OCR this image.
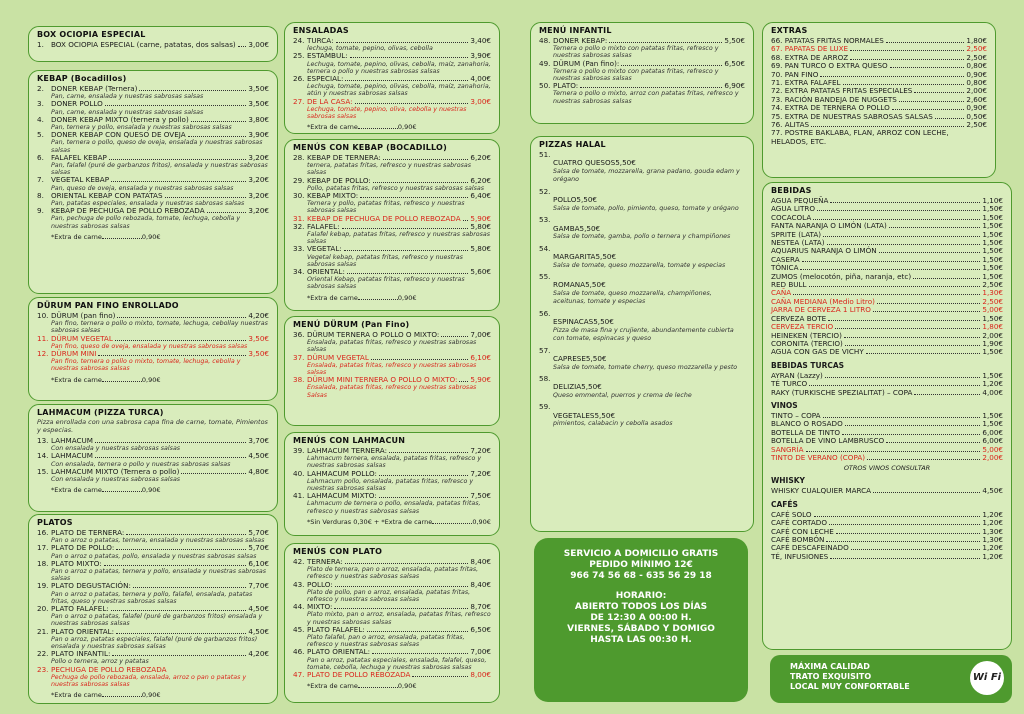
BOX OCIOPIA ESPECIAL
1. BOX OCIOPIA ESPECIAL (carne, patatas, dos salsas) 3,00€
KEBAP (Bocadillos)
2. DONER KEBAP (Ternera)	3,50€
Pan, carne, ensalada y nuestras sabrosas salsas
3. DONER POLLO	3,50€
Pan, carne, ensalada y nuestras sabrosas salsas
4. DONER KEBAP MIXTO (ternera y pollo)	3,80€
Pan, ternera y pollo, ensalada y nuestras sabrosas salsas
5. DONER KEBAP CON QUESO DE OVEJA	3,90€
Pan, ternera o pollo, queso de oveja, ensalada y nuestras sabrosas salsas
6. FALAFEL KEBAP	3,20€
Pan, falafel (puré de garbanzos fritos), ensalada y nuestras sabrosas salsas
7. VEGETAL KEBAP	3,20€
Pan, queso de oveja, ensalada y nuestras sabrosas salsas
8. ORIENTAL KEBAP CON PATATAS	3,20€
Pan, patatas especiales, ensalada y nuestras sabrosas salsas
9. KEBAP DE PECHUGA DE POLLO REBOZADA	3,20€
Pan, pechuga de pollo rebozada, tomate, lechuga, cebolla y nuestras sabrosas salsas
*Extra de carne	0,90€
DÜRUM PAN FINO ENROLLADO
10. DÜRUM (pan fino)	4,20€
Pan fino, ternera o pollo o mixto, tomate, lechuga, cebollay nuestras sabrosas salsas
11. DÜRUM VEGETAL	3,50€
Pan fino, queso de oveja, ensalada y nuestras sabrosas salsas
12. DÜRUM MINI	3,50€
Pan fino, ternera o pollo o mixto, tomate, lechuga, cebolla y nuestras sabrosas salsas
*Extra de carne	0,90€
LAHMACUM (PIZZA TURCA)
Pizza enrollada con una sabrosa capa fina de carne, tomate, Pimientos y especias.
13. LAHMACUM	3,70€
Con ensalada y nuestras sabrosas salsas
14. LAHMACUM	4,50€
Con ensalada, ternera o pollo y nuestras sabrosas salsas
15. LAHMACUM MIXTO (Ternera o pollo)	4,80€
Con ensalada y nuestras sabrosas salsas
*Extra de carne	0,90€
PLATOS
16. PLATO DE TERNERA:	5,70€
Pan o arroz o patatas, ternera, ensalada y nuestras sabrosas salsas
17. PLATO DE POLLO:	5,70€
Pan o arroz o patatas, pollo, ensalada y nuestras sabrosas salsas
18. PLATO MIXTO:	6,10€
Pan o arroz o patatas, ternera y pollo, ensalada y nuestras sabrosas salsas
19. PLATO DEGUSTACIÓN:	7,70€
Pan o arroz o patatas, ternera y pollo, falafel, ensalada, patatas fritas, queso y nuestras sabrosas salsas
20. PLATO FALAFEL:	4,50€
Pan o arroz o patatas, falafel (puré de garbanzos fritos) ensalada y nuestras sabrosas salsas
21. PLATO ORIENTAL:	4,50€
Pan o arroz, patatas especiales, falafel (puré de garbanzos fritos) ensalada y nuestras sabrosas salsas
22. PLATO INFANTIL:	4,20€
Pollo o ternera, arroz y patatas
23. PECHUGA DE POLLO REBOZADA
Pechuga de pollo rebozada, ensalada, arroz o pan o patatas y nuestras sabrosas salsas
*Extra de carne	0,90€
ENSALADAS
24. TURCA:	3,40€
lechuga, tomate, pepino, olivas, cebolla
25. ESTAMBUL:	3,90€
Lechuga, tomate, pepino, olivas, cebolla, maíz, zanahoria, ternera o pollo y nuestras sabrosas salsas
26. ESPECIAL:	4,00€
Lechuga, tomate, pepino, olivas, cebolla, maíz, zanahoria, atún y nuestras sabrosas salsas
27. DE LA CASA:	3,00€
Lechuga, tomate, pepino, oliva, cebolla y nuestras sabrosas salsas
*Extra de carne	0,90€
MENÚS CON KEBAP (BOCADILLO)
28. KEBAP DE TERNERA:	6,20€
ternera, patatas fritas, refresco y nuestras sabrosas salsas
29. KEBAP DE POLLO:	6,20€
Pollo, patatas fritas, refresco y nuestras sabrosas salsas
30. KEBAP MIXTO:	6,40€
Ternera y pollo, patatas fritas, refresco y nuestras sabrosas salsas
31. KEBAP DE PECHUGA DE POLLO REBOZADA 5,90€
32. FALAFEL:	5,80€
Falafel kebap, patatas fritas, refresco y nuestras sabrosas salsas
33. VEGETAL:	5,80€
Vegetal kebap, patatas fritas, refresco y nuestras sabrosas salsas
34. ORIENTAL:	5,60€
Oriental Kebap, patatas fritas, refresco y nuestras sabrosas salsas
*Extra de carne	0,90€
MENÚ DÜRUM (Pan Fino)
36. DÜRUM TERNERA O POLLO O MIXTO:	7,00€
Ensalada, patatas fritas, refresco y nuestras sabrosas salsas
37. DÜRUM VEGETAL	6,10€
Ensalada, patatas fritas, refresco y nuestras sabrosas salsas
38. DÜRUM MINI TERNERA O POLLO O MIXTO: 5,90€
Ensalada, patatas fritas, refresco y nuestras sabrosas Salsas
MENÚS CON LAHMACUN
39. LAHMACUM TERNERA:	7,20€
Lahmacum ternera, ensalada, patatas fritas, refresco y nuestras sabrosas salsas
40. LAHMACUM POLLO:	7,20€
Lahmacum pollo, ensalada, patatas fritas, refresco y nuestras sabrosas salsas
41. LAHMACUM MIXTO:	7,50€
Lahmacum de ternera o pollo, ensalada, patatas fritas, refresco y nuestras sabrosas salsas
*Sin Verduras 0,30€ + *Extra de carne	0,90€
MENÚS CON PLATO
42. TERNERA:	8,40€
Plato de ternera, pan o arroz, ensalada, patatas fritas, refresco y nuestras sabrosas salsas
43. POLLO:	8,40€
Plato de pollo, pan o arroz, ensalada, patatas fritas, refresco y nuestras sabrosas salsas
44. MIXTO:	8,70€
Plato mixto, pan o arroz, ensalada, patatas fritas, refresco y nuestras sabrosas salsas
45. PLATO FALAFEL:	6,50€
Plato falafel, pan o arroz, ensalada, patatas fritas, refresco y nuestras sabrosas salsas
46. PLATO ORIENTAL:	7,00€
Pan o arroz, patatas especiales, ensalada, falafel, queso, tomate, cebolla, lechuga y nuestras sabrosas salsas
47. PLATO DE POLLO REBOZADA	8,00€
*Extra de carne	0,90€
MENÚ INFANTIL
48. DONER KEBAP:	5,50€
Ternera o pollo o mixto con patatas fritas, refresco y nuestras sabrosas salsas
49. DÜRUM (Pan fino):	6,50€
Ternera o pollo o mixto con patatas fritas, refresco y nuestras sabrosas salsas
50. PLATO:	6,90€
Ternera o pollo o mixto, arroz con patatas fritas, refresco y nuestras sabrosas salsas
PIZZAS HALAL
51.
CUATRO QUESOS 5,50€
Salsa de tomate, mozzarella, grana padano, gouda edam y orégano
52.
POLLO 5,50€
Salsa de tomate, pollo, pimiento, queso, tomate y orégano
53.
GAMBA 5,50€
Salsa de tomate, gamba, pollo o ternera y champiñones
54.
MARGARITA 5,50€
Salsa de tomate, queso mozzarella, tomate y especias
55.
ROMANA 5,50€
Salsa de tomate, queso mozzarella, champiñones, aceitunas, tomate y especias
56.
ESPINACAS 5,50€
Pizza de masa fina y crujiente, abundantemente cubierta con tomate, espinacas y queso
57.
CAPRESE 5,50€
Salsa de tomate, tomate cherry, queso mozzarella y pesto
58.
DELIZIA 5,50€
Queso emmental, puerros y crema de leche
59.
VEGETALES 5,50€
pimientos, calabacin y cebolla asados
SERVICIO A DOMICILIO GRATIS
PEDIDO MÍNIMO 12€
966 74 56 68 - 635 56 29 18
HORARIO:
ABIERTO TODOS LOS DÍAS
DE 12:30 A 00:00 H.
VIERNES, SÁBADO Y DOMIGO
HASTA LAS 00:30 H.
EXTRAS
66. PATATAS FRITAS NORMALES	1,80€
67. PAPATAS DE LUXE	2,50€
68. EXTRA DE ARROZ	2,50€
69. PAN TURCO O EXTRA QUESO	0,80€
70. PAN FINO	0,90€
71. EXTRA FALAFEL	0,80€
72. EXTRA PATATAS FRITAS ESPECIALES	2,00€
73. RACIÓN BANDEJA DE NUGGETS	2,60€
74. EXTRA DE TERNERA O POLLO	0,90€
75. EXTRA DE NUESTRAS SABROSAS SALSAS	0,50€
76. ALITAS	2,50€
77. POSTRE BAKLABA, FLAN, ARROZ CON LECHE, HELADOS, ETC.
BEBIDAS
AGUA PEQUEÑA	1,10€
AGUA LITRO	1,50€
COCACOLA	1,50€
FANTA NARANJA O LIMÓN (LATA)	1,50€
SPRITE (LATA)	1,50€
NESTEA (LATA)	1,50€
AQUARIUS NARANJA O LIMÓN	1,50€
CASERA	1,50€
TÓNICA	1,50€
ZUMOS (melocotón, piña, naranja, etc)	1,50€
RED BULL	2,50€
CAÑA	1,30€
CAÑA MEDIANA (Medio Litro)	2,50€
JARRA DE CERVEZA 1 LITRO	5,00€
CERVEZA BOTE	1,50€
CERVEZA TERCIO	1,80€
HEINEKEN (TERCIO)	2,00€
CORONITA (TERCIO)	1,90€
AGUA CON GAS DE VICHY	1,50€
BEBIDAS TURCAS
AYRAN (Lazzy)	1,50€
TÉ TURCO	1,20€
RAKY (TURKISCHE SPEZIALITAT) – COPA	4,00€
VINOS
TINTO – COPA	1,50€
BLANCO O ROSADO	1,50€
BOTELLA DE TINTO	6,00€
BOTELLA DE VINO LAMBRUSCO	6,00€
SANGRÍA	5,00€
TINTO DE VERANO (COPA)	2,00€
OTROS VINOS CONSULTAR
WHISKY
WHISKY CUALQUIER MARCA	4,50€
CAFÉS
CAFÉ SOLO	1,20€
CAFÉ CORTADO	1,20€
CAFÉ CON LECHE	1,30€
CAFÉ BOMBÓN	1,30€
CAFÉ DESCAFEINADO	1,20€
TÉ, INFUSIONES	1,20€
MÁXIMA CALIDAD
TRATO EXQUISITO
LOCAL MUY CONFORTABLE
Wi Fi
